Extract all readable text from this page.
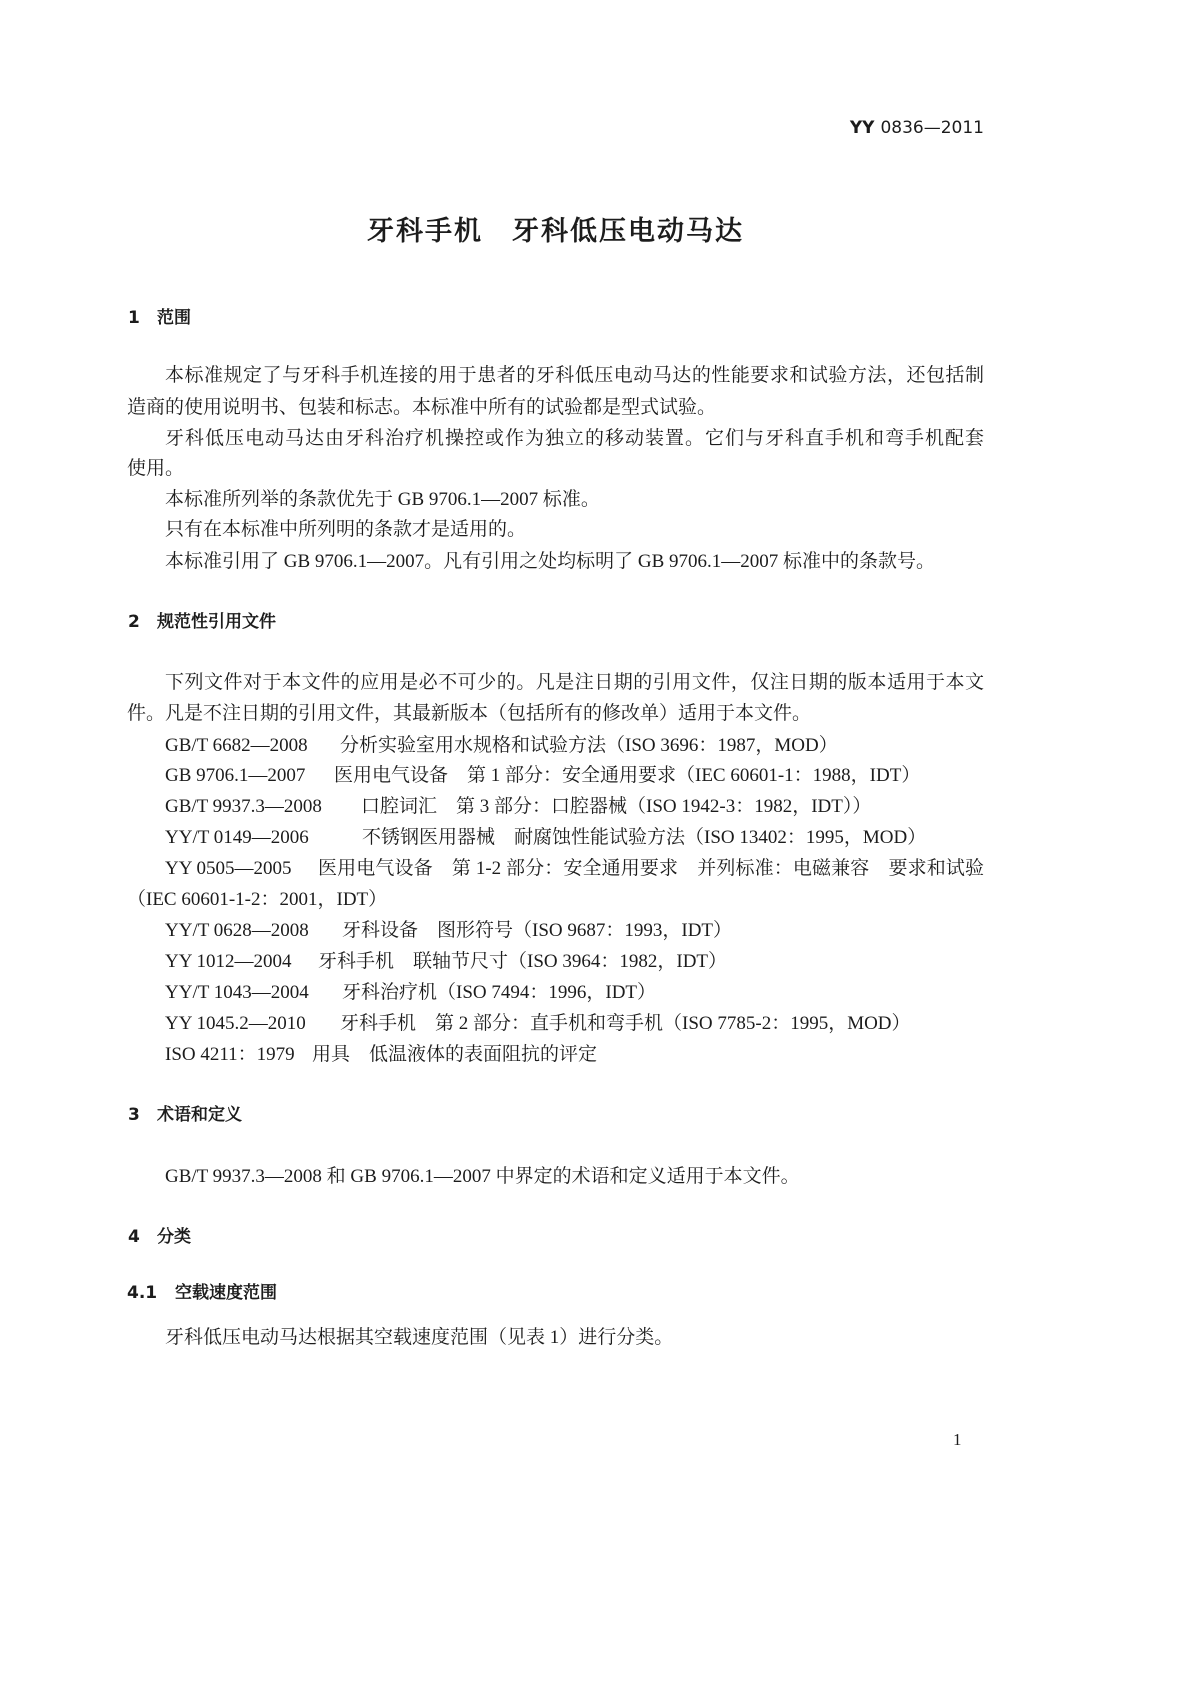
YY 0836—2011
牙科手机　牙科低压电动马达
1 范围
本标准规定了与牙科手机连接的用于患者的牙科低压电动马达的性能要求和试验方法，还包括制
造商的使用说明书、包装和标志。本标准中所有的试验都是型式试验。
牙科低压电动马达由牙科治疗机操控或作为独立的移动装置。它们与牙科直手机和弯手机配套
使用。
本标准所列举的条款优先于 GB 9706.1—2007 标准。
只有在本标准中所列明的条款才是适用的。
本标准引用了 GB 9706.1—2007。凡有引用之处均标明了 GB 9706.1—2007 标准中的条款号。
2 规范性引用文件
下列文件对于本文件的应用是必不可少的。凡是注日期的引用文件，仅注日期的版本适用于本文
件。凡是不注日期的引用文件，其最新版本（包括所有的修改单）适用于本文件。
GB/T 6682—2008 分析实验室用水规格和试验方法（ISO 3696：1987，MOD）
GB 9706.1—2007 医用电气设备　第 1 部分：安全通用要求（IEC 60601-1：1988，IDT）
GB/T 9937.3—2008 口腔词汇　第 3 部分：口腔器械（ISO 1942-3：1982，IDT））
YY/T 0149—2006	不锈钢医用器械　耐腐蚀性能试验方法（ISO 13402：1995，MOD）
YY 0505—2005 医用电气设备　第 1-2 部分：安全通用要求　并列标准：电磁兼容　要求和试验
（IEC 60601-1-2：2001，IDT）
YY/T 0628—2008 牙科设备　图形符号（ISO 9687：1993，IDT）
YY 1012—2004 牙科手机　联轴节尺寸（ISO 3964：1982，IDT）
YY/T 1043—2004 牙科治疗机（ISO 7494：1996，IDT）
YY 1045.2—2010 牙科手机　第 2 部分：直手机和弯手机（ISO 7785-2：1995，MOD）
ISO 4211：1979 用具　低温液体的表面阻抗的评定
3 术语和定义
GB/T 9937.3—2008 和 GB 9706.1—2007 中界定的术语和定义适用于本文件。
4 分类
4.1 空载速度范围
牙科低压电动马达根据其空载速度范围（见表 1）进行分类。
1
